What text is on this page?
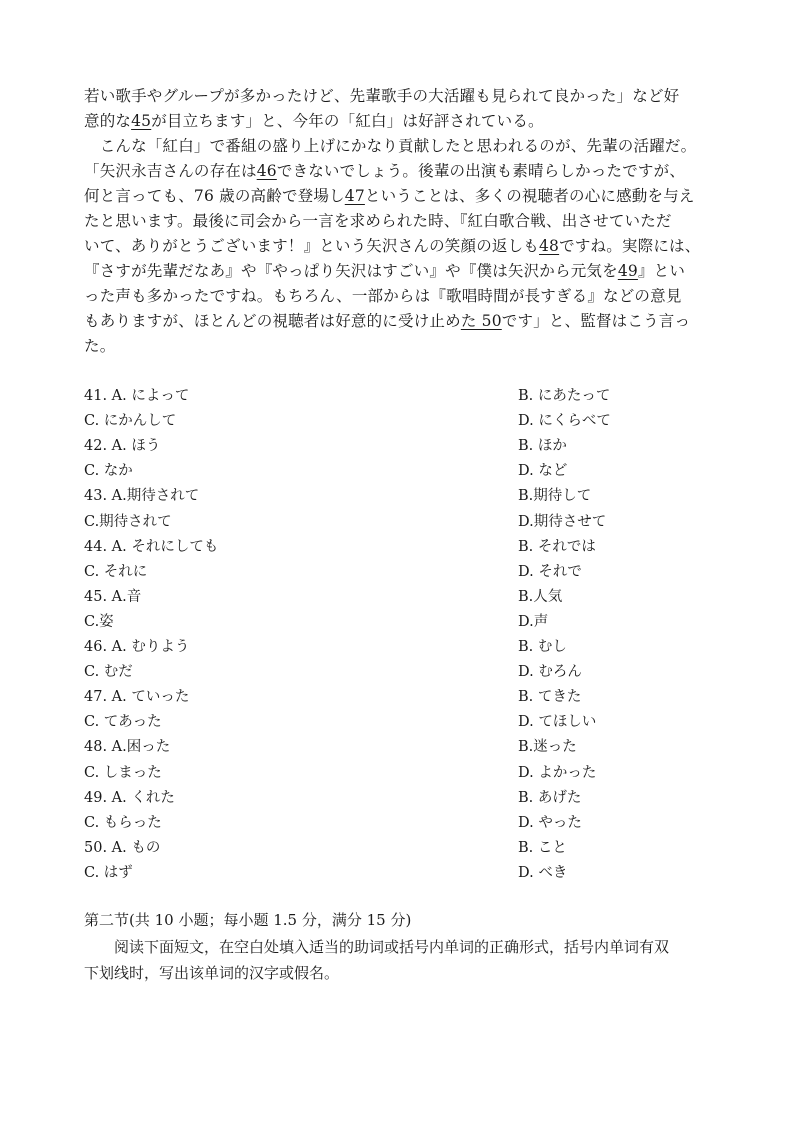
若い歌手やグループが多かったけど、先輩歌手の大活躍も見られて良かった」など好
意的な45が目立ちます」と、今年の「紅白」は好評されている。
　こんな「紅白」で番組の盛り上げにかなり貢献したと思われるのが、先輩の活躍だ。
「矢沢永吉さんの存在は46できないでしょう。後輩の出演も素晴らしかったですが、
何と言っても、76 歳の高齢で登場し47ということは、多くの視聴者の心に感動を与え
たと思います。最後に司会から一言を求められた時、『紅白歌合戦、出させていただ
いて、ありがとうございます！』という矢沢さんの笑顔の返しも48ですね。実際には、
『さすが先輩だなあ』や『やっぱり矢沢はすごい』や『僕は矢沢から元気を49』とい
った声も多かったですね。もちろん、一部からは『歌唱時間が長すぎる』などの意見
もありますが、ほとんどの視聴者は好意的に受け止めた 50です」と、監督はこう言っ
た。
41. A. によって	B. にあたって
C. にかんして	D. にくらべて
42. A. ほう	B. ほか
C. なか	D. など
43. A.期待されて	B.期待して
C.期待されて	D.期待させて
44. A. それにしても	B. それでは
C. それに	D. それで
45. A.音	B.人気
C.姿	D.声
46. A. むりよう	B. むし
C. むだ	D. むろん
47. A. ていった	B. てきた
C. てあった	D. てほしい
48. A.困った	B.迷った
C. しまった	D. よかった
49. A. くれた	B. あげた
C. もらった	D. やった
50. A. もの	B. こと
C. はず	D. べき
第二节(共 10 小题；每小题 1.5 分，满分 15 分)
　　阅读下面短文，在空白处填入适当的助词或括号内单词的正确形式，括号内单词有双
下划线时，写出该单词的汉字或假名。
